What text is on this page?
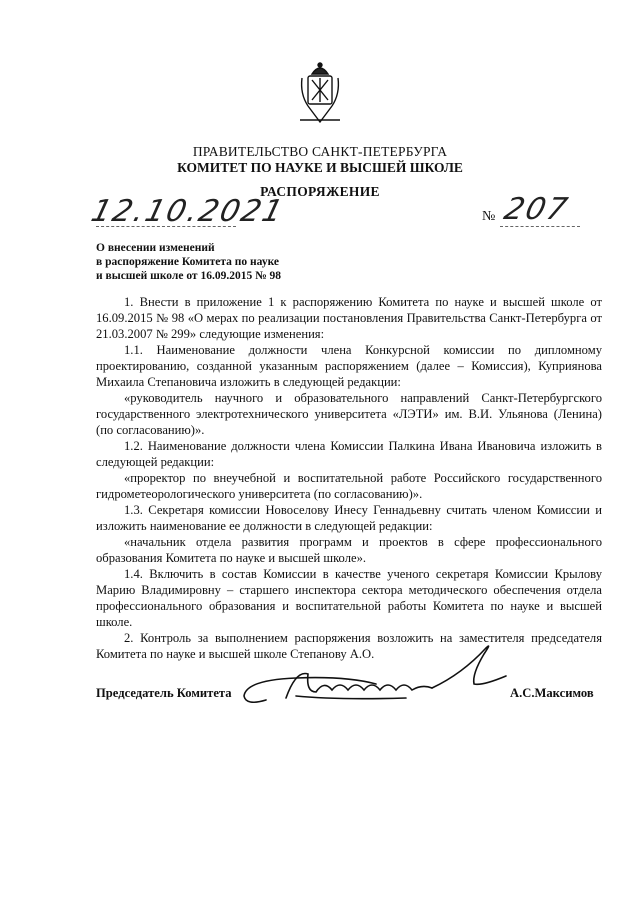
ПРАВИТЕЛЬСТВО САНКТ-ПЕТЕРБУРГА
КОМИТЕТ ПО НАУКЕ И ВЫСШЕЙ ШКОЛЕ
РАСПОРЯЖЕНИЕ
12.10.2021	№ 207
О внесении изменений
в распоряжение Комитета по науке
и высшей школе от 16.09.2015 № 98

1. Внести в приложение 1 к распоряжению Комитета по науке и высшей школе от 16.09.2015 № 98 «О мерах по реализации постановления Правительства Санкт-Петербурга от 21.03.2007 № 299» следующие изменения:

1.1. Наименование должности члена Конкурсной комиссии по дипломному проектированию, созданной указанным распоряжением (далее – Комиссия), Куприянова Михаила Степановича изложить в следующей редакции:

«руководитель научного и образовательного направлений Санкт-Петербургского государственного электротехнического университета «ЛЭТИ» им. В.И. Ульянова (Ленина) (по согласованию)».

1.2. Наименование должности члена Комиссии Палкина Ивана Ивановича изложить в следующей редакции:

«проректор по внеучебной и воспитательной работе Российского государственного гидрометеорологического университета (по согласованию)».

1.3. Секретаря комиссии Новоселову Инесу Геннадьевну считать членом Комиссии и изложить наименование ее должности в следующей редакции:

«начальник отдела развития программ и проектов в сфере профессионального образования Комитета по науке и высшей школе».

1.4. Включить в состав Комиссии в качестве ученого секретаря Комиссии Крылову Марию Владимировну – старшего инспектора сектора методического обеспечения отдела профессионального образования и воспитательной работы Комитета по науке и высшей школе.

2. Контроль за выполнением распоряжения возложить на заместителя председателя Комитета по науке и высшей школе Степанову А.О.

Председатель Комитета	А.С.Максимов
